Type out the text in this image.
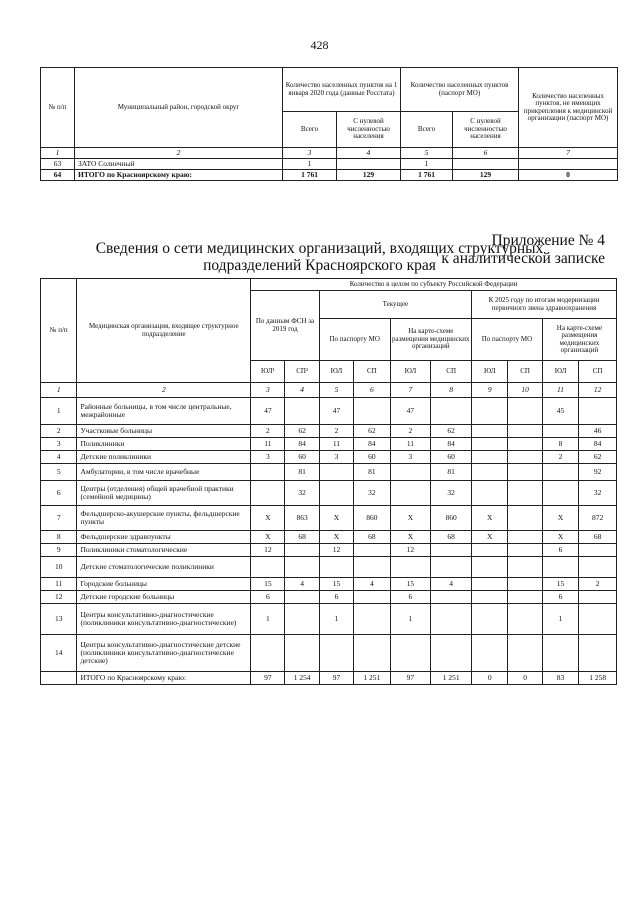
428
№ п/п	Муниципальный район, городской округ	Количество населенных пунктов на 1 января 2020 года (данные Росстата)		Количество населенных пунктов (паспорт МО)		Количество населенных пунктов, не имеющих прикрепления к медицинской организации (паспорт МО)
		Всего	С нулевой численностью населения	Всего	С нулевой численностью населения	
1	2	3	4	5	6	7
63	ЗАТО Солнечный	1		1		
64	ИТОГО по Красноярскому краю:	1 761	129	1 761	129	0
Приложение № 4
к аналитической записке
№ п/п	Медицинская организация, входящее структурное подразделение	Количество в целом по субъекту Российской Федерации									
		По данным ФСН за 2019 год		Текущее				К 2025 году по итогам модернизации первичного звена здравоохранения			
				По паспорту МО		На карте-схеме размещения медицинских организаций		По паспорту МО		На карте-схеме размещения медицинских организаций	
		ЮЛ¹	СП²	ЮЛ	СП	ЮЛ	СП	ЮЛ	СП	ЮЛ	СП
1	2	3	4	5	6	7	8	9	10	11	12
1	Районные больницы, в том числе центральные, межрайонные	47		47		47				45	
2	Участковые больницы	2	62	2	62	2	62				46
3	Поликлиники	11	84	11	84	11	84			8	84
4	Детские поликлиники	3	60	3	60	3	60			2	62
5	Амбулатории, в том числе врачебные		81		81		81				92
6	Центры (отделения) общей врачебной практики (семейной медицины)		32		32		32				32
7	Фельдшерско-акушерские пункты, фельдшерские пункты	Х	863	Х	860	Х	860	Х		Х	872
8	Фельдшерские здравпункты	Х	68	Х	68	Х	68	Х		Х	68
9	Поликлиники стоматологические	12		12		12				6	
10	Детские стоматологические поликлиники										
11	Городские больницы	15	4	15	4	15	4			15	2
12	Детские городские больницы	6		6		6				6	
13	Центры консультативно-диагностические (поликлиники консультативно-диагностические)	1		1		1				1	
14	Центры консультативно-диагностические детские (поликлиники консультативно-диагностические детские)										
	ИТОГО по Красноярскому краю:	97	1 254	97	1 251	97	1 251	0	0	83	1 258
Сведения о сети медицинских организаций, входящих структурных
подразделений Красноярского края
